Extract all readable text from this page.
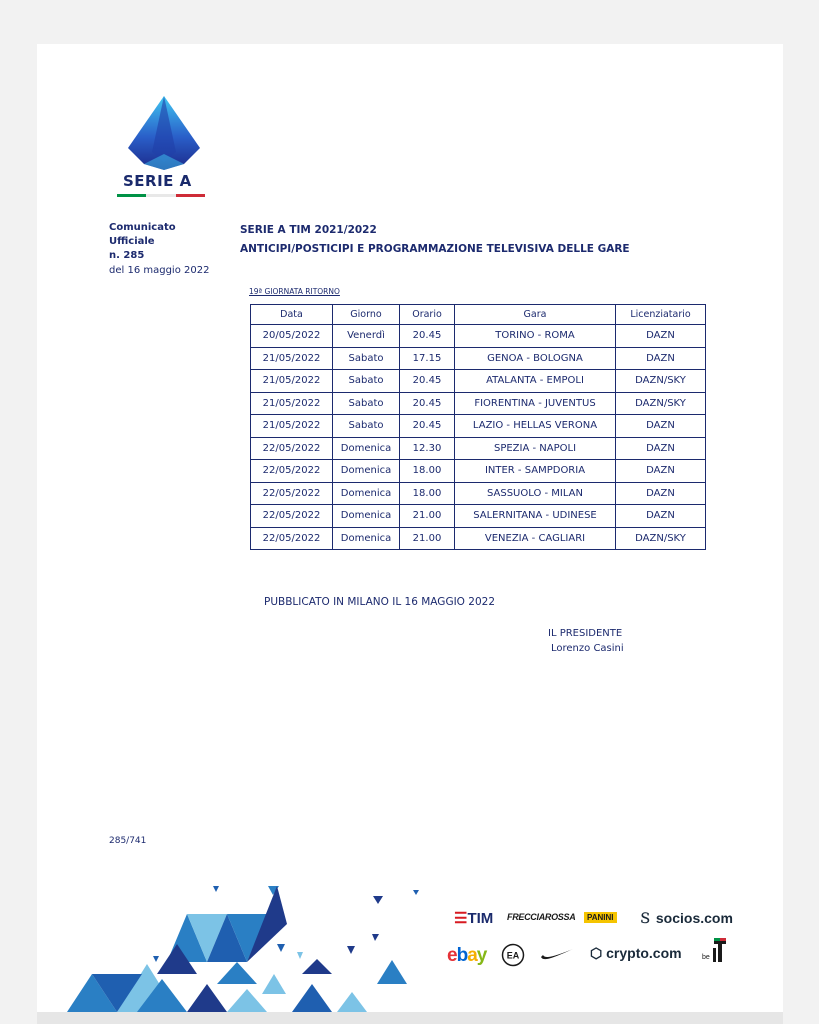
SERIE A
Comunicato Ufficiale
n. 285
del 16 maggio 2022
SERIE A TIM 2021/2022
ANTICIPI/POSTICIPI E PROGRAMMAZIONE TELEVISIVA DELLE GARE
19ª GIORNATA RITORNO
Data	Giorno	Orario	Gara	Licenziatario
20/05/2022	Venerdì	20.45	TORINO - ROMA	DAZN
21/05/2022	Sabato	17.15	GENOA - BOLOGNA	DAZN
21/05/2022	Sabato	20.45	ATALANTA - EMPOLI	DAZN/SKY
21/05/2022	Sabato	20.45	FIORENTINA - JUVENTUS	DAZN/SKY
21/05/2022	Sabato	20.45	LAZIO - HELLAS VERONA	DAZN
22/05/2022	Domenica	12.30	SPEZIA - NAPOLI	DAZN
22/05/2022	Domenica	18.00	INTER - SAMPDORIA	DAZN
22/05/2022	Domenica	18.00	SASSUOLO - MILAN	DAZN
22/05/2022	Domenica	21.00	SALERNITANA - UDINESE	DAZN
22/05/2022	Domenica	21.00	VENEZIA - CAGLIARI	DAZN/SKY
PUBBLICATO IN MILANO IL 16 MAGGIO 2022
IL PRESIDENTE
Lorenzo Casini
285/741
☰TIM FRECCIAROSSA	PANINI Ｓ socios.com
ebay EA	⬡ crypto.com	be
